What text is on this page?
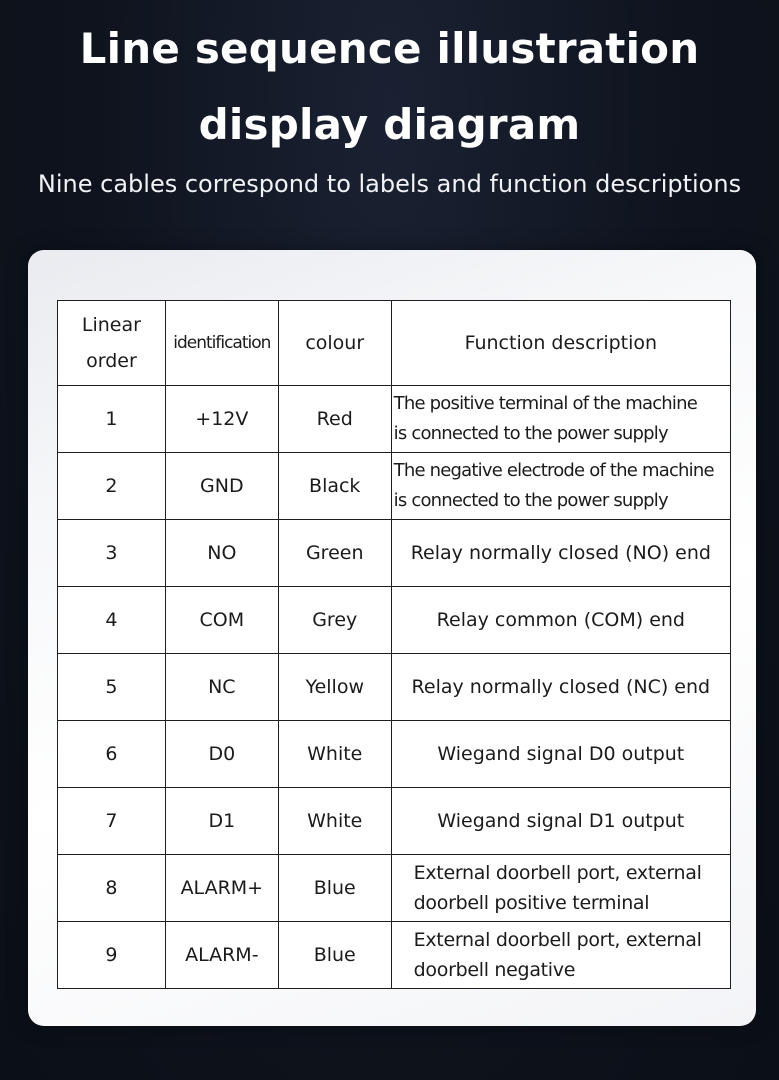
Line sequence illustration
display diagram
Nine cables correspond to labels and function descriptions
Linear
order	identification	colour	Function description
1	+12V	Red	The positive terminal of the machine
is connected to the power supply
2	GND	Black	The negative electrode of the machine
is connected to the power supply
3	NO	Green	Relay normally closed (NO) end
4	COM	Grey	Relay common (COM) end
5	NC	Yellow	Relay normally closed (NC) end
6	D0	White	Wiegand signal D0 output
7	D1	White	Wiegand signal D1 output
8	ALARM+	Blue	External doorbell port, external
doorbell positive terminal
9	ALARM-	Blue	External doorbell port, external
doorbell negative
